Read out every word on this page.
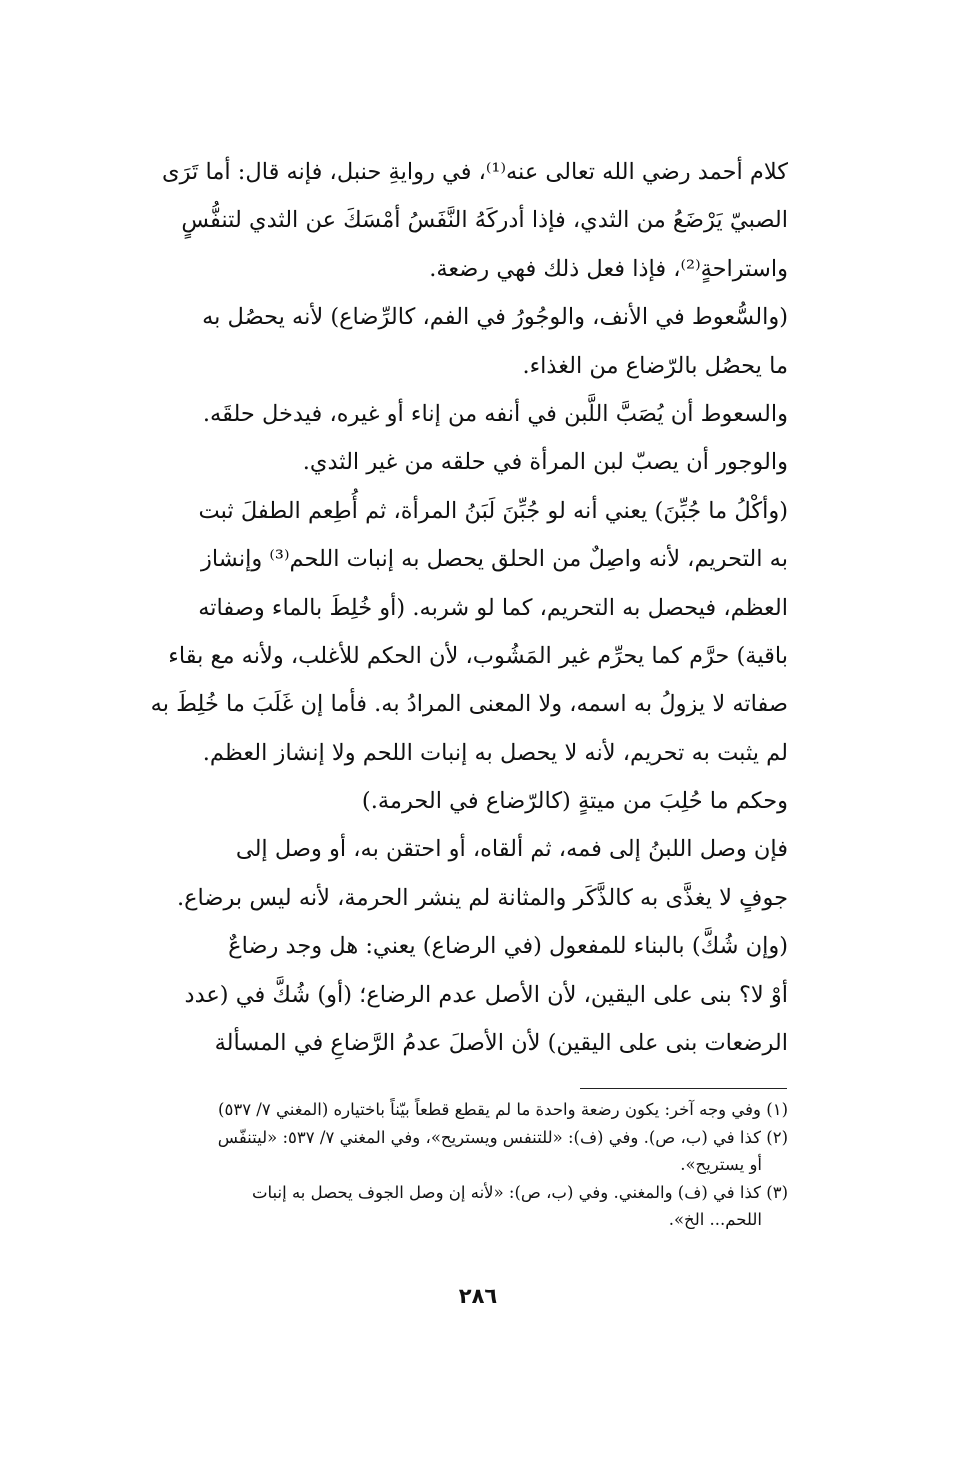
كلام أحمد رضي الله تعالى عنه⁽¹⁾، في روايةِ حنبل، فإنه قال: أما تَرَى
الصبيّ يَرْضَعُ من الثدي، فإذا أدركَهُ النَّفَسُ أمْسَكَ عن الثدي لتنفُّسٍ
واستراحةٍ⁽²⁾، فإذا فعل ذلك فهي رضعة.
(والسُّعوط في الأنف، والوجُورُ في الفم، كالرِّضاع) لأنه يحصُل به
ما يحصُل بالرّضاع من الغذاء.
والسعوط أن يُصَبَّ اللَّبن في أنفه من إناء أو غيره، فيدخل حلقَه.
والوجور أن يصبّ لبن المرأة في حلقه من غير الثدي.
(وأكْلُ ما جُبِّنَ) يعني أنه لو جُبِّنَ لَبَنُ المرأة، ثم أُطِعم الطفلَ ثبت
به التحريم، لأنه واصِلٌ من الحلق يحصل به إنبات اللحم⁽³⁾ وإنشاز
العظم، فيحصل به التحريم، كما لو شربه. (أو خُلِطَ بالماء وصفاته
باقية) حرَّم كما يحرِّم غير المَشُوب، لأن الحكم للأغلب، ولأنه مع بقاء
صفاته لا يزولُ به اسمه، ولا المعنى المرادُ به. فأما إن غَلَبَ ما خُلِطَ به
لم يثبت به تحريم، لأنه لا يحصل به إنبات اللحم ولا إنشاز العظم.
وحكم ما حُلِبَ من ميتةٍ (كالرّضاع في الحرمة.)
فإن وصل اللبنُ إلى فمه، ثم ألقاه، أو احتقن به، أو وصل إلى
جوفٍ لا يغذَّى به كالذَّكَر والمثانة لم ينشر الحرمة، لأنه ليس برضاع.
(وإن شُكَّ) بالبناء للمفعول (في الرضاع) يعني: هل وجد رضاعٌ
أوْ لا؟ بنى على اليقين، لأن الأصل عدم الرضاع؛ (أو) شُكَّ في (عدد
الرضعات بنى على اليقين) لأن الأصلَ عدمُ الرَّضاعِ في المسألة
(١) وفي وجه آخر: يكون رضعة واحدة ما لم يقطع قطعاً بيّناً باختياره (المغني ٧/ ٥٣٧)
(٢) كذا في (ب، ص). وفي (ف): «للتنفس ويستريح»، وفي المغني ٧/ ٥٣٧: «ليتنفّس
أو يستريح».
(٣) كذا في (ف) والمغني. وفي (ب، ص): «لأنه إن وصل الجوف يحصل به إنبات
اللحم... الخ».
٢٨٦
